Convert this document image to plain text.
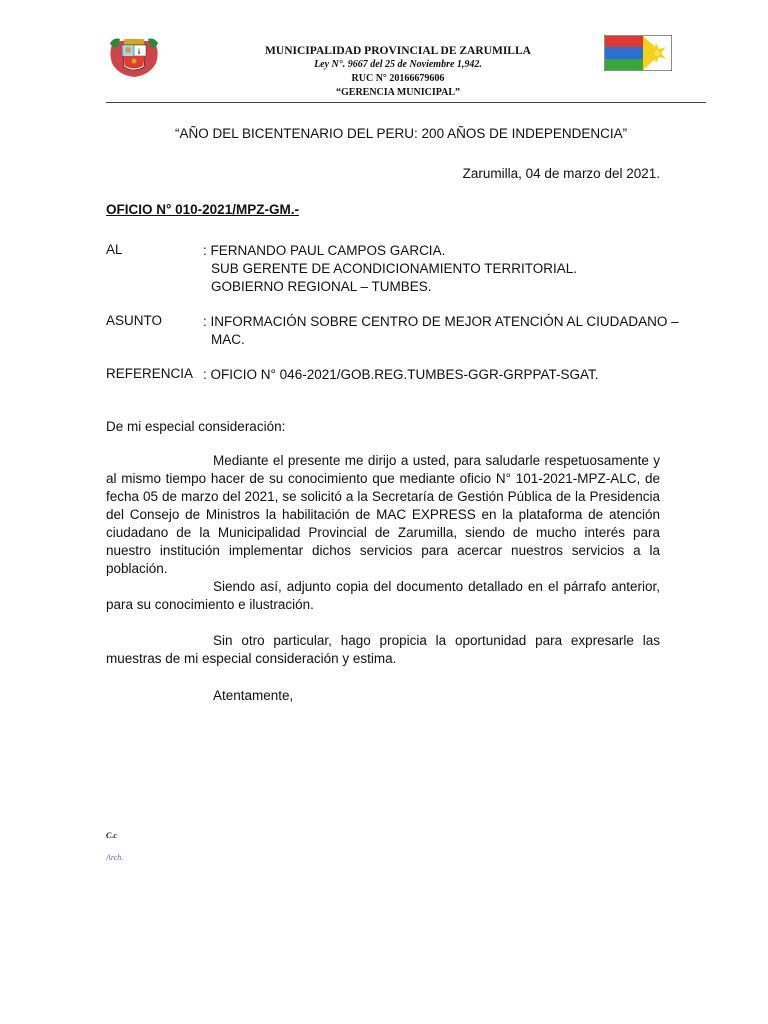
MUNICIPALIDAD PROVINCIAL DE ZARUMILLA
Ley N°. 9667 del 25 de Noviembre 1,942.
RUC N° 20166679606
“GERENCIA MUNICIPAL”
“AÑO DEL BICENTENARIO DEL PERU: 200 AÑOS DE INDEPENDENCIA”
Zarumilla, 04 de marzo del 2021.
OFICIO N° 010-2021/MPZ-GM.-
AL	: FERNANDO PAUL CAMPOS GARCIA.
SUB GERENTE DE ACONDICIONAMIENTO TERRITORIAL.
GOBIERNO REGIONAL – TUMBES.
ASUNTO	: INFORMACIÓN SOBRE CENTRO DE MEJOR ATENCIÓN AL CIUDADANO –
MAC.
REFERENCIA : OFICIO N° 046-2021/GOB.REG.TUMBES-GGR-GRPPAT-SGAT.
De mi especial consideración:
Mediante el presente me dirijo a usted, para saludarle respetuosamente y al mismo tiempo hacer de su conocimiento que mediante oficio N° 101-2021-MPZ-ALC, de fecha 05 de marzo del 2021, se solicitó a la Secretaría de Gestión Pública de la Presidencia del Consejo de Ministros la habilitación de MAC EXPRESS en la plataforma de atención ciudadano de la Municipalidad Provincial de Zarumilla, siendo de mucho interés para nuestro institución implementar dichos servicios para acercar nuestros servicios a la población.
Siendo así, adjunto copia del documento detallado en el párrafo anterior, para su conocimiento e ilustración.
Sin otro particular, hago propicia la oportunidad para expresarle las muestras de mi especial consideración y estima.
Atentamente,
C.c
Arch.
